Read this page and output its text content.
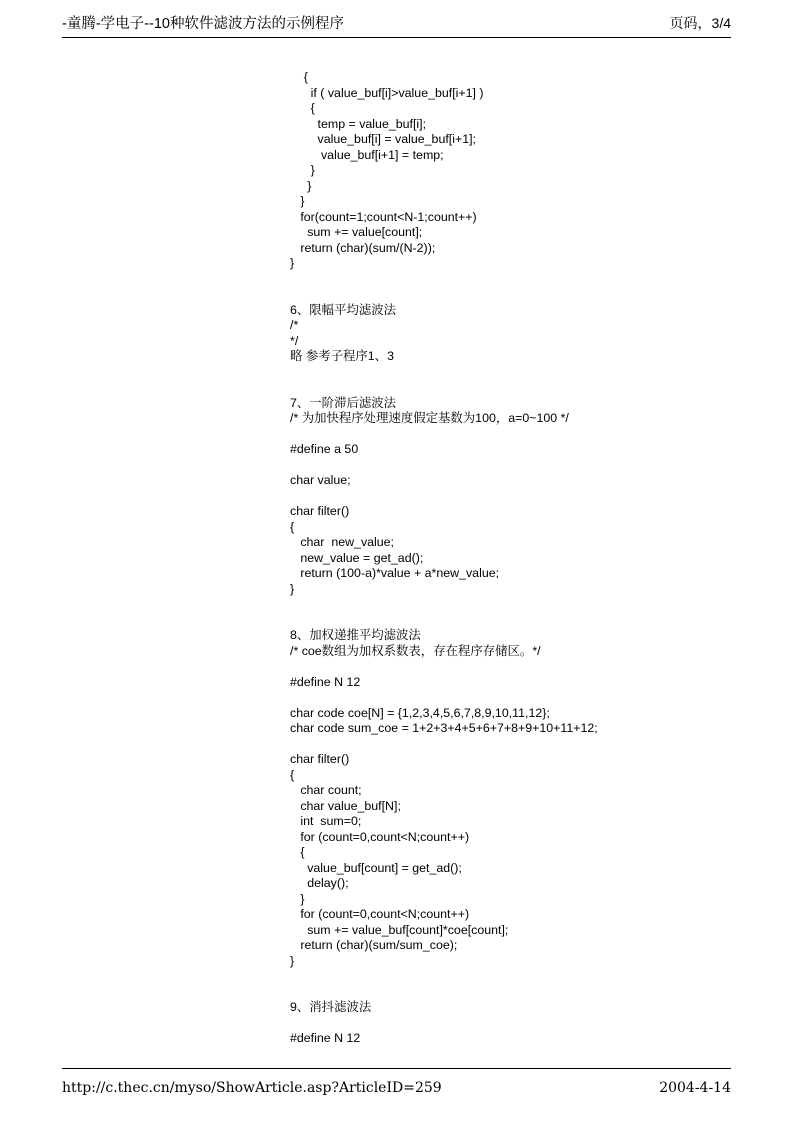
-童腾-学电子--10种软件滤波方法的示例程序	页码，3/4
{
if ( value_buf[i]>value_buf[i+1] )
{
temp = value_buf[i];
value_buf[i] = value_buf[i+1];
value_buf[i+1] = temp;
}
}
}
for(count=1;count<N-1;count++)
sum += value[count];
return (char)(sum/(N-2));
}
6、限幅平均滤波法
/*
*/
略 参考子程序1、3
7、一阶滞后滤波法
/* 为加快程序处理速度假定基数为100，a=0~100 */
#define a 50
char value;
char filter()
{
char  new_value;
new_value = get_ad();
return (100-a)*value + a*new_value;
}
8、加权递推平均滤波法
/* coe数组为加权系数表，存在程序存储区。*/
#define N 12
char code coe[N] = {1,2,3,4,5,6,7,8,9,10,11,12};
char code sum_coe = 1+2+3+4+5+6+7+8+9+10+11+12;
char filter()
{
char count;
char value_buf[N];
int  sum=0;
for (count=0,count<N;count++)
{
value_buf[count] = get_ad();
delay();
}
for (count=0,count<N;count++)
sum += value_buf[count]*coe[count];
return (char)(sum/sum_coe);
}
9、消抖滤波法
#define N 12
http://c.thec.cn/myso/ShowArticle.asp?ArticleID=259	2004-4-14
